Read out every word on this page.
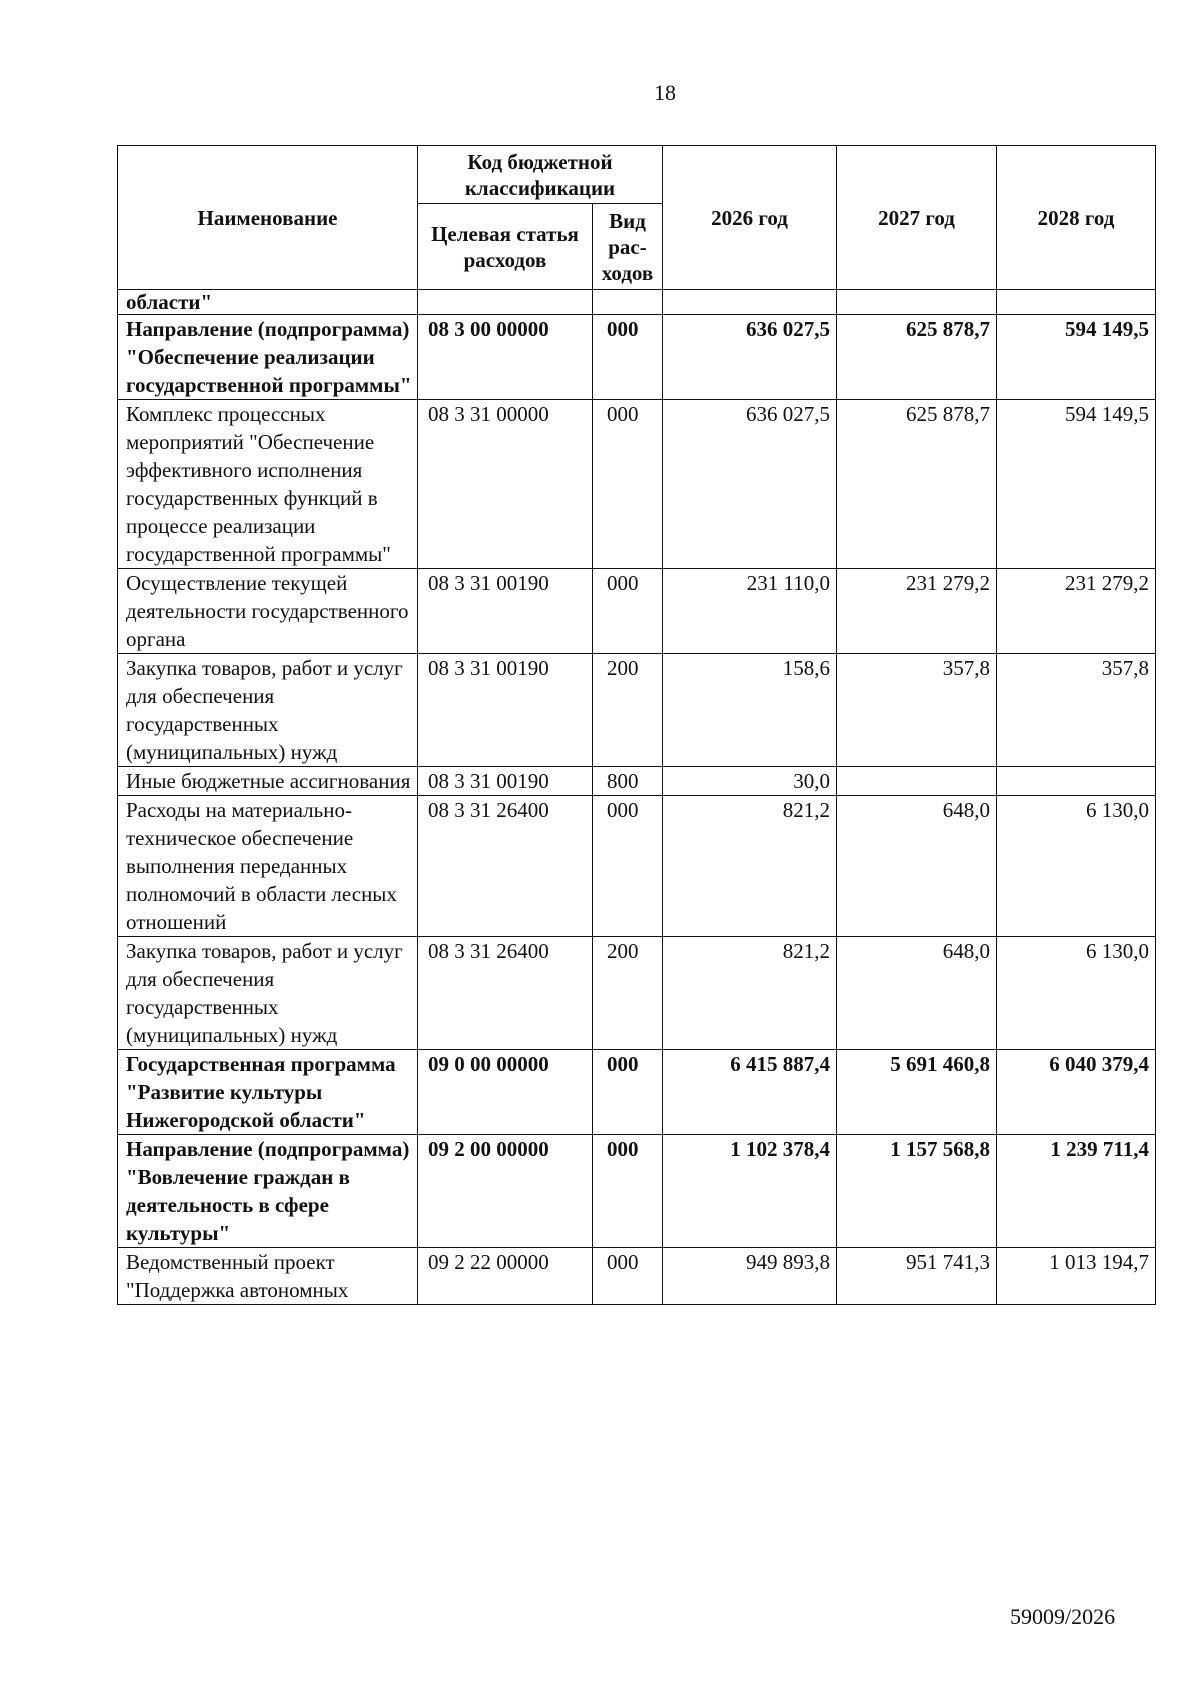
18
Наименование	Код бюджетной классификации		2026 год	2027 год	2028 год
	Целевая статья расходов	Вид рас-ходов			
области"					
Направление (подпрограмма) "Обеспечение реализации государственной программы"	08 3 00 00000	000	636 027,5	625 878,7	594 149,5
Комплекс процессных мероприятий "Обеспечение эффективного исполнения государственных функций в процессе реализации государственной программы"	08 3 31 00000	000	636 027,5	625 878,7	594 149,5
Осуществление текущей деятельности государственного органа	08 3 31 00190	000	231 110,0	231 279,2	231 279,2
Закупка товаров, работ и услуг для обеспечения государственных (муниципальных) нужд	08 3 31 00190	200	158,6	357,8	357,8
Иные бюджетные ассигнования	08 3 31 00190	800	30,0		
Расходы на материально-техническое обеспечение выполнения переданных полномочий в области лесных отношений	08 3 31 26400	000	821,2	648,0	6 130,0
Закупка товаров, работ и услуг для обеспечения государственных (муниципальных) нужд	08 3 31 26400	200	821,2	648,0	6 130,0
Государственная программа "Развитие культуры Нижегородской области"	09 0 00 00000	000	6 415 887,4	5 691 460,8	6 040 379,4
Направление (подпрограмма) "Вовлечение граждан в деятельность в сфере культуры"	09 2 00 00000	000	1 102 378,4	1 157 568,8	1 239 711,4
Ведомственный проект "Поддержка автономных	09 2 22 00000	000	949 893,8	951 741,3	1 013 194,7
59009/2026
